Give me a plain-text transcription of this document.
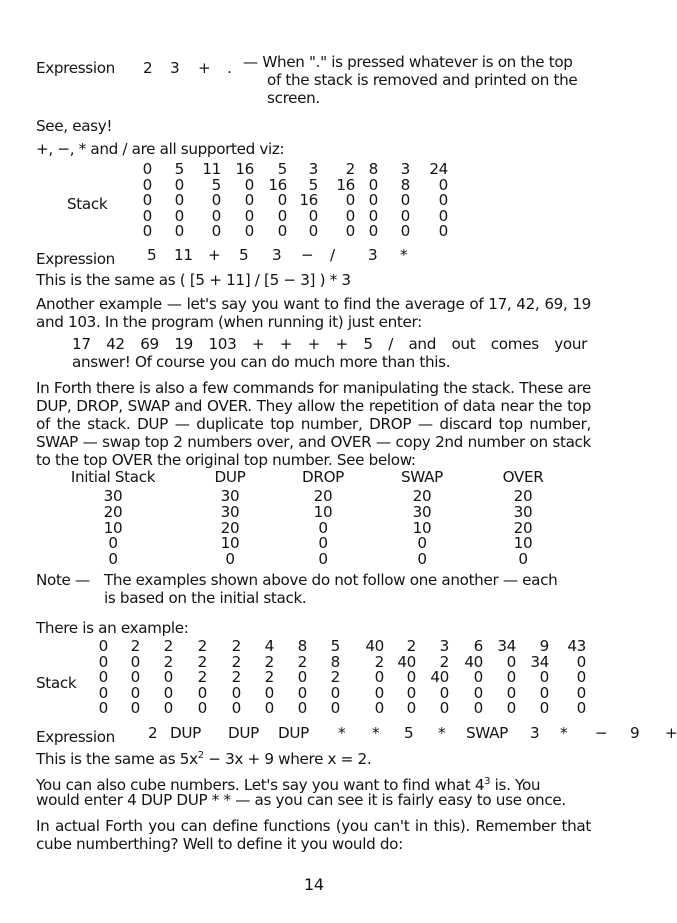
Expression 2 3 + . — When "." is pressed whatever is on the top
of the stack is removed and printed on the
screen.
See, easy!
+, −, * and / are all supported viz:
Stack
0	5	11	16	5	3	2	8	3	24
0	0	5	0	16	5	16	0	8	0
0	0	0	0	0	16	0	0	0	0
0	0	0	0	0	0	0	0	0	0
0	0	0	0	0	0	0	0	0	0
Expression 5 11 + 5 3 − / 3 *
This is the same as ( [5 + 11] / [5 − 3] ) * 3
Another example — let's say you want to find the average of 17, 42, 69, 19 and 103. In the program (when running it) just enter:
17 42 69 19 103 + + + + 5 / and out comes your
answer! Of course you can do much more than this.
In Forth there is also a few commands for manipulating the stack. These are DUP, DROP, SWAP and OVER. They allow the repetition of data near the top of the stack. DUP — duplicate top number, DROP — discard top number, SWAP — swap top 2 numbers over, and OVER — copy 2nd number on stack to the top OVER the original top number. See below:
Initial Stack	DUP	DROP	SWAP	OVER
30	30	20	20	20
20	30	10	30	30
10	20	0	10	20
0	10	0	0	10
0	0	0	0	0
Note — The examples shown above do not follow one another — each
is based on the initial stack.
There is an example:
Stack
0	2	2	2	2	4	8	5	40	2	3	6	34	9	43
0	0	2	2	2	2	2	8	2	40	2	40	0	34	0
0	0	0	2	2	2	0	2	0	0	40	0	0	0	0
0	0	0	0	0	0	0	0	0	0	0	0	0	0	0
0	0	0	0	0	0	0	0	0	0	0	0	0	0	0
Expression 2 DUP DUP DUP * * 5 * SWAP 3 * − 9 +
This is the same as $5x^2 - 3x + 9$ where x = 2.
You can also cube numbers. Let's say you want to find what $4^3$ is. You
would enter 4 DUP DUP * * — as you can see it is fairly easy to use once.
In actual Forth you can define functions (you can't in this). Remember that cube numberthing? Well to define it you would do:
14
